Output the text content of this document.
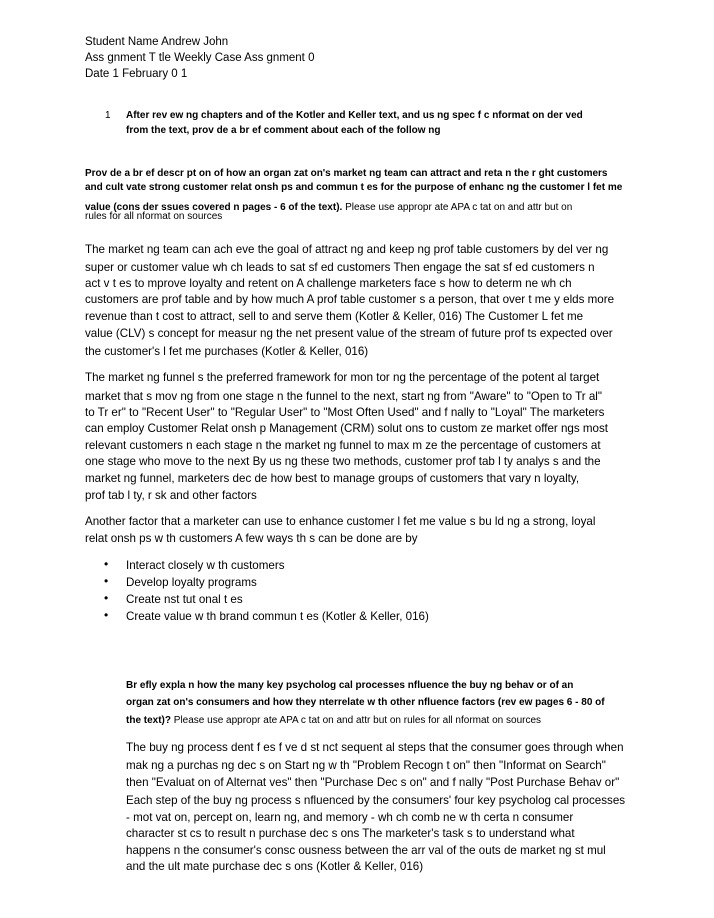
Student Name Andrew John
Ass gnment T tle Weekly Case Ass gnment 0
Date 1 February 0 1
1 After rev ew ng chapters and of the Kotler and Keller text, and us ng spec f c nformat on der ved
from the text, prov de a br ef comment about each of the follow ng
Prov de a br ef descr pt on of how an organ zat on's market ng team can attract and reta n the r ght customers
and cult vate strong customer relat onsh ps and commun t es for the purpose of enhanc ng the customer l fet me
value (cons der ssues covered n pages - 6 of the text). Please use appropr ate APA c tat on and attr but on
rules for all nformat on sources
The market ng team can ach eve the goal of attract ng and keep ng prof table customers by del ver ng
super or customer value wh ch leads to sat sf ed customers Then engage the sat sf ed customers n
act v t es to mprove loyalty and retent on A challenge marketers face s how to determ ne wh ch
customers are prof table and by how much A prof table customer s a person, that over t me y elds more
revenue than t cost to attract, sell to and serve them (Kotler & Keller, 016) The Customer L fet me
value (CLV) s concept for measur ng the net present value of the stream of future prof ts expected over
the customer's l fet me purchases (Kotler & Keller, 016)
The market ng funnel s the preferred framework for mon tor ng the percentage of the potent al target
market that s mov ng from one stage n the funnel to the next, start ng from "Aware" to "Open to Tr al"
to Tr er" to "Recent User" to "Regular User" to "Most Often Used" and f nally to "Loyal" The marketers
can employ Customer Relat onsh p Management (CRM) solut ons to custom ze market offer ngs most
relevant customers n each stage n the market ng funnel to max m ze the percentage of customers at
one stage who move to the next By us ng these two methods, customer prof tab l ty analys s and the
market ng funnel, marketers dec de how best to manage groups of customers that vary n loyalty,
prof tab l ty, r sk and other factors
Another factor that a marketer can use to enhance customer l fet me value s bu ld ng a strong, loyal
relat onsh ps w th customers A few ways th s can be done are by
• Interact closely w th customers
• Develop loyalty programs
• Create nst tut onal t es
• Create value w th brand commun t es (Kotler & Keller, 016)
Br efly expla n how the many key psycholog cal processes nfluence the buy ng behav or of an
organ zat on's consumers and how they nterrelate w th other nfluence factors (rev ew pages 6 - 80 of
the text)? Please use appropr ate APA c tat on and attr but on rules for all nformat on sources
The buy ng process dent f es f ve d st nct sequent al steps that the consumer goes through when
mak ng a purchas ng dec s on Start ng w th "Problem Recogn t on" then "Informat on Search"
then "Evaluat on of Alternat ves" then "Purchase Dec s on" and f nally "Post Purchase Behav or"
Each step of the buy ng process s nfluenced by the consumers' four key psycholog cal processes
- mot vat on, percept on, learn ng, and memory - wh ch comb ne w th certa n consumer
character st cs to result n purchase dec s ons The marketer's task s to understand what
happens n the consumer's consc ousness between the arr val of the outs de market ng st mul
and the ult mate purchase dec s ons (Kotler & Keller, 016)
